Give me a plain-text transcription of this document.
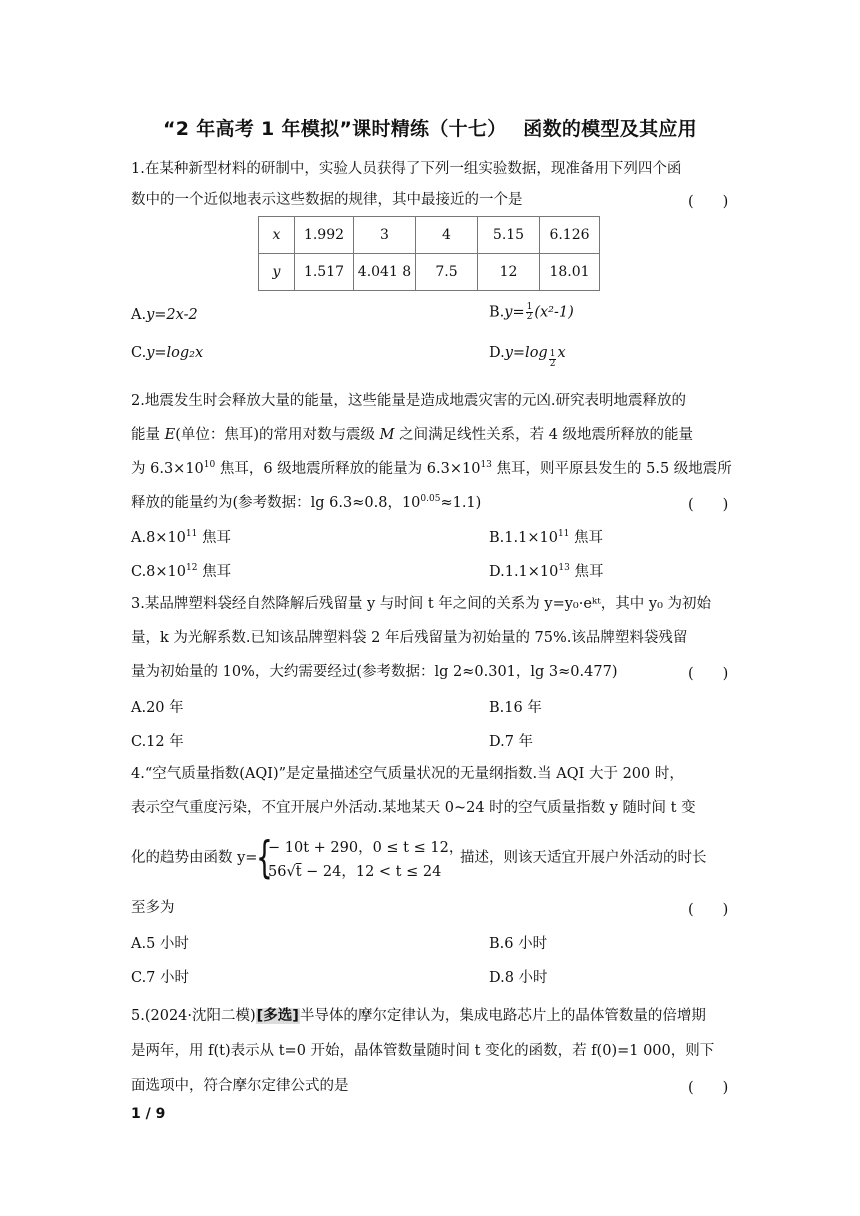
“2 年高考 1 年模拟”课时精练（十七）　 函数的模型及其应用
1.在某种新型材料的研制中，实验人员获得了下列一组实验数据，现准备用下列四个函
数中的一个近似地表示这些数据的规律，其中最接近的一个是	(　　)
x	1.992	3	4	5.15	6.126
y	1.517	4.041 8	7.5	12	18.01
A.y=2x-2	$B.y= \frac{1}{2} (x^2-1)$
C.y=log₂x	$D.y=\log \frac{1}{2}$ x
2.地震发生时会释放大量的能量，这些能量是造成地震灾害的元凶.研究表明地震释放的
能量 E(单位：焦耳)的常用对数与震级 M 之间满足线性关系，若 4 级地震所释放的能量
为 $6.3\times 10^{10}$ 焦耳，6 级地震所释放的能量为 $6.3\times 10^{13}$ 焦耳，则平原县发生的 5.5 级地震所
释放的能量约为(参考数据：lg 6.3≈0.8，$10^{0.05}\approx 1.1$)	(　　)
$A.8\times 10^{11}$ 焦耳	$B.1.1\times 10^{11}$ 焦耳
$C.8\times 10^{12}$ 焦耳	$D.1.1\times 10^{13}$ 焦耳
3.某品牌塑料袋经自然降解后残留量 y 与时间 t 年之间的关系为 y=y₀·eᵏᵗ，其中 y₀ 为初始
量，k 为光解系数.已知该品牌塑料袋 2 年后残留量为初始量的 75%.该品牌塑料袋残留
量为初始量的 10%，大约需要经过(参考数据：lg 2≈0.301，lg 3≈0.477)	(　　)
A.20 年	B.16 年
C.12 年	D.7 年
4.“空气质量指数(AQI)”是定量描述空气质量状况的无量纲指数.当 AQI 大于 200 时，
表示空气重度污染，不宜开展户外活动.某地某天 0~24 时的空气质量指数 y 随时间 t 变
化的趋势由函数 y=
{
− 10t + 290，0 ≤ t ≤ 12，
56√t − 24，12 < t ≤ 24
描述，则该天适宜开展户外活动的时长
至多为	(　　)
A.5 小时	B.6 小时
C.7 小时	D.8 小时
5.(2024·沈阳二模)[多选]半导体的摩尔定律认为，集成电路芯片上的晶体管数量的倍增期
是两年，用 f(t)表示从 t=0 开始，晶体管数量随时间 t 变化的函数，若 f(0)=1 000，则下
面选项中，符合摩尔定律公式的是	(　　)
1 / 9
